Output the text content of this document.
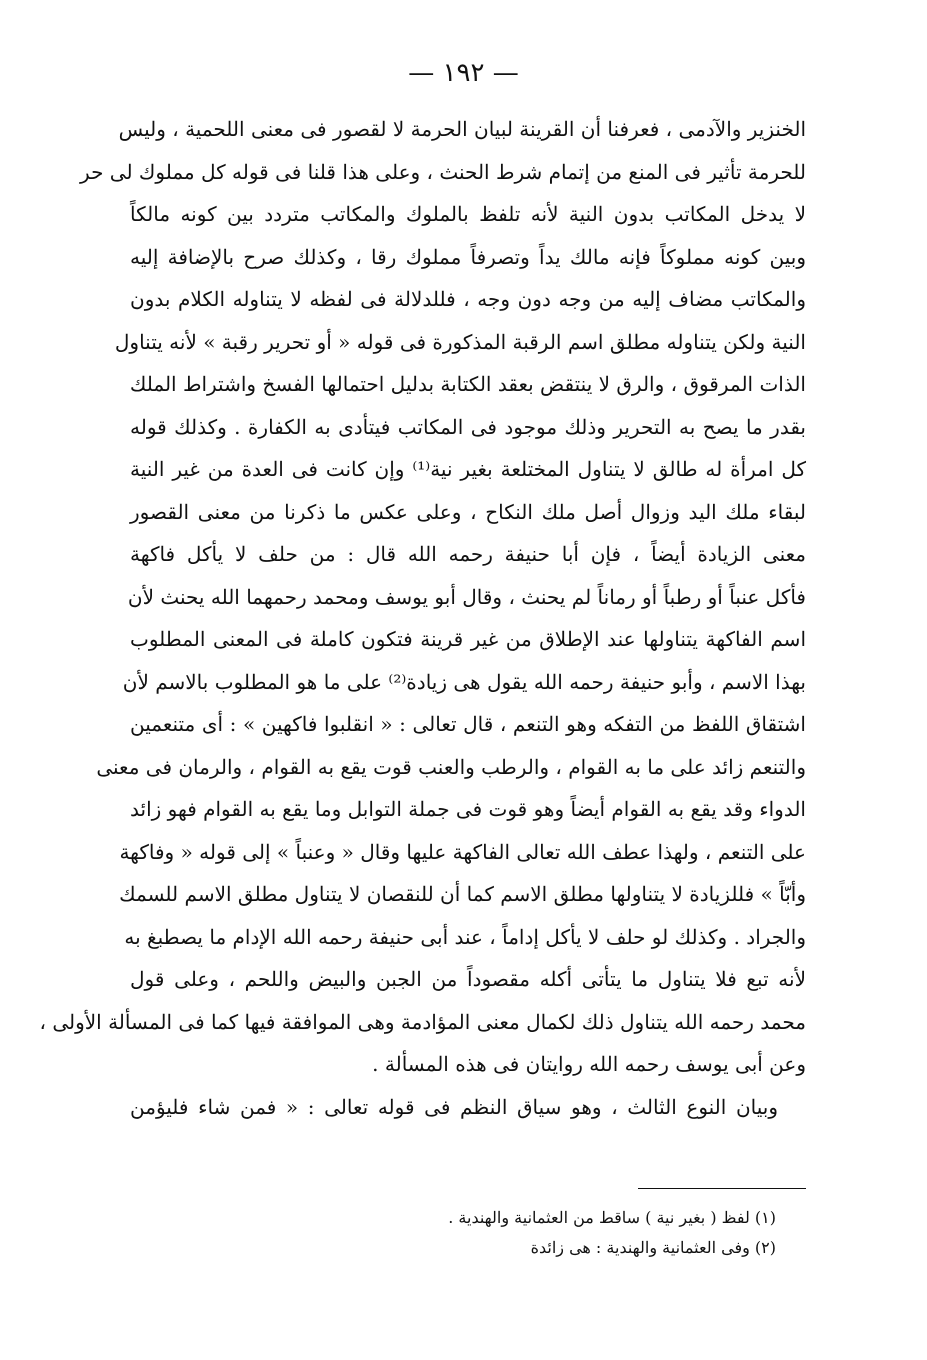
— ١٩٢ —
الخنزير والآدمى ، فعرفنا أن القرينة لبيان الحرمة لا لقصور فى معنى اللحمية ، وليس
للحرمة تأثير فى المنع من إتمام شرط الحنث ، وعلى هذا قلنا فى قوله كل مملوك لى حر
لا يدخل المكاتب بدون النية لأنه تلفظ بالملوك والمكاتب متردد بين كونه مالكاً
وبين كونه مملوكاً فإنه مالك يداً وتصرفاً مملوك رقا ، وكذلك صرح بالإضافة إليه
والمكاتب مضاف إليه من وجه دون وجه ، فللدلالة فى لفظه لا يتناوله الكلام بدون
النية ولكن يتناوله مطلق اسم الرقبة المذكورة فى قوله « أو تحرير رقبة » لأنه يتناول
الذات المرقوق ، والرق لا ينتقض بعقد الكتابة بدليل احتمالها الفسخ واشتراط الملك
بقدر ما يصح به التحرير وذلك موجود فى المكاتب فيتأدى به الكفارة . وكذلك قوله
كل امرأة له طالق لا يتناول المختلعة بغير نية⁽¹⁾ وإن كانت فى العدة من غير النية
لبقاء ملك اليد وزوال أصل ملك النكاح ، وعلى عكس ما ذكرنا من معنى القصور
معنى الزيادة أيضاً ، فإن أبا حنيفة رحمه الله قال : من حلف لا يأكل فاكهة
فأكل عنباً أو رطباً أو رماناً لم يحنث ، وقال أبو يوسف ومحمد رحمهما الله يحنث لأن
اسم الفاكهة يتناولها عند الإطلاق من غير قرينة فتكون كاملة فى المعنى المطلوب
بهذا الاسم ، وأبو حنيفة رحمه الله يقول هى زيادة⁽²⁾ على ما هو المطلوب بالاسم لأن
اشتقاق اللفظ من التفكه وهو التنعم ، قال تعالى : « انقلبوا فاكهين » : أى متنعمين
والتنعم زائد على ما به القوام ، والرطب والعنب قوت يقع به القوام ، والرمان فى معنى
الدواء وقد يقع به القوام أيضاً وهو قوت فى جملة التوابل وما يقع به القوام فهو زائد
على التنعم ، ولهذا عطف الله تعالى الفاكهة عليها وقال « وعنباً » إلى قوله « وفاكهة
وأبّاً » فللزيادة لا يتناولها مطلق الاسم كما أن للنقصان لا يتناول مطلق الاسم للسمك
والجراد . وكذلك لو حلف لا يأكل إداماً ، عند أبى حنيفة رحمه الله الإدام ما يصطبغ به
لأنه تبع فلا يتناول ما يتأتى أكله مقصوداً من الجبن والبيض واللحم ، وعلى قول
محمد رحمه الله يتناول ذلك لكمال معنى المؤادمة وهى الموافقة فيها كما فى المسألة الأولى ،
وعن أبى يوسف رحمه الله روايتان فى هذه المسألة .
وبيان النوع الثالث ، وهو سياق النظم فى قوله تعالى : « فمن شاء فليؤمن
(١) لفظ ( بغير نية ) ساقط من العثمانية والهندية .
(٢) وفى العثمانية والهندية : هى زائدة
